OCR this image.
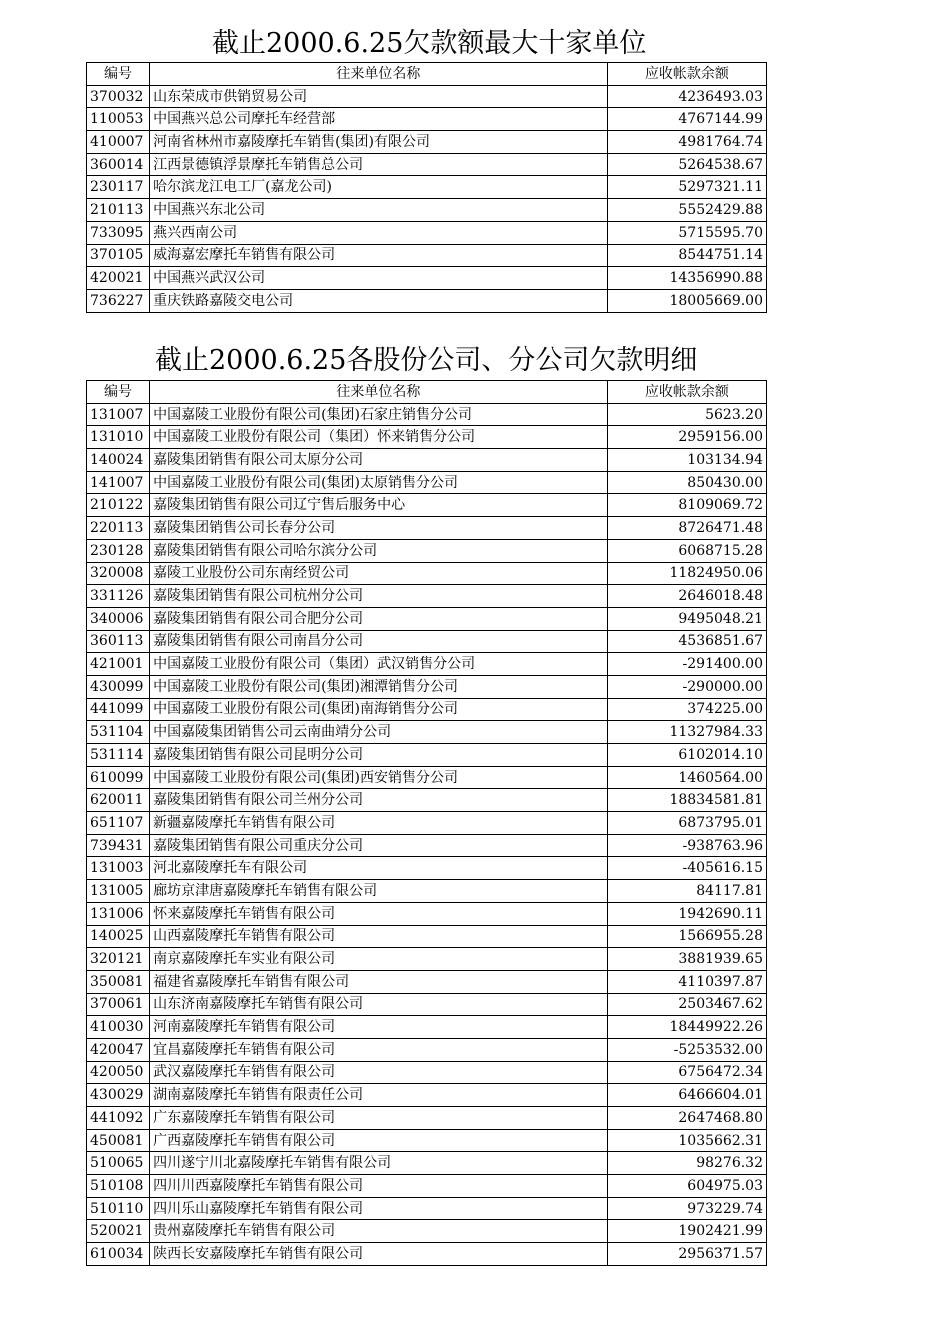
截止2000.6.25欠款额最大十家单位
编号	往来单位名称	应收帐款余额
370032	山东荣成市供销贸易公司	4236493.03
110053	中国燕兴总公司摩托车经营部	4767144.99
410007	河南省林州市嘉陵摩托车销售(集团)有限公司	4981764.74
360014	江西景德镇浮景摩托车销售总公司	5264538.67
230117	哈尔滨龙江电工厂(嘉龙公司)	5297321.11
210113	中国燕兴东北公司	5552429.88
733095	燕兴西南公司	5715595.70
370105	威海嘉宏摩托车销售有限公司	8544751.14
420021	中国燕兴武汉公司	14356990.88
736227	重庆铁路嘉陵交电公司	18005669.00
截止2000.6.25各股份公司、分公司欠款明细
编号	往来单位名称	应收帐款余额
131007	中国嘉陵工业股份有限公司(集团)石家庄销售分公司	5623.20
131010	中国嘉陵工业股份有限公司（集团）怀来销售分公司	2959156.00
140024	嘉陵集团销售有限公司太原分公司	103134.94
141007	中国嘉陵工业股份有限公司(集团)太原销售分公司	850430.00
210122	嘉陵集团销售有限公司辽宁售后服务中心	8109069.72
220113	嘉陵集团销售公司长春分公司	8726471.48
230128	嘉陵集团销售有限公司哈尔滨分公司	6068715.28
320008	嘉陵工业股份公司东南经贸公司	11824950.06
331126	嘉陵集团销售有限公司杭州分公司	2646018.48
340006	嘉陵集团销售有限公司合肥分公司	9495048.21
360113	嘉陵集团销售有限公司南昌分公司	4536851.67
421001	中国嘉陵工业股份有限公司（集团）武汉销售分公司	-291400.00
430099	中国嘉陵工业股份有限公司(集团)湘潭销售分公司	-290000.00
441099	中国嘉陵工业股份有限公司(集团)南海销售分公司	374225.00
531104	中国嘉陵集团销售公司云南曲靖分公司	11327984.33
531114	嘉陵集团销售有限公司昆明分公司	6102014.10
610099	中国嘉陵工业股份有限公司(集团)西安销售分公司	1460564.00
620011	嘉陵集团销售有限公司兰州分公司	18834581.81
651107	新疆嘉陵摩托车销售有限公司	6873795.01
739431	嘉陵集团销售有限公司重庆分公司	-938763.96
131003	河北嘉陵摩托车有限公司	-405616.15
131005	廊坊京津唐嘉陵摩托车销售有限公司	84117.81
131006	怀来嘉陵摩托车销售有限公司	1942690.11
140025	山西嘉陵摩托车销售有限公司	1566955.28
320121	南京嘉陵摩托车实业有限公司	3881939.65
350081	福建省嘉陵摩托车销售有限公司	4110397.87
370061	山东济南嘉陵摩托车销售有限公司	2503467.62
410030	河南嘉陵摩托车销售有限公司	18449922.26
420047	宜昌嘉陵摩托车销售有限公司	-5253532.00
420050	武汉嘉陵摩托车销售有限公司	6756472.34
430029	湖南嘉陵摩托车销售有限责任公司	6466604.01
441092	广东嘉陵摩托车销售有限公司	2647468.80
450081	广西嘉陵摩托车销售有限公司	1035662.31
510065	四川遂宁川北嘉陵摩托车销售有限公司	98276.32
510108	四川川西嘉陵摩托车销售有限公司	604975.03
510110	四川乐山嘉陵摩托车销售有限公司	973229.74
520021	贵州嘉陵摩托车销售有限公司	1902421.99
610034	陕西长安嘉陵摩托车销售有限公司	2956371.57
